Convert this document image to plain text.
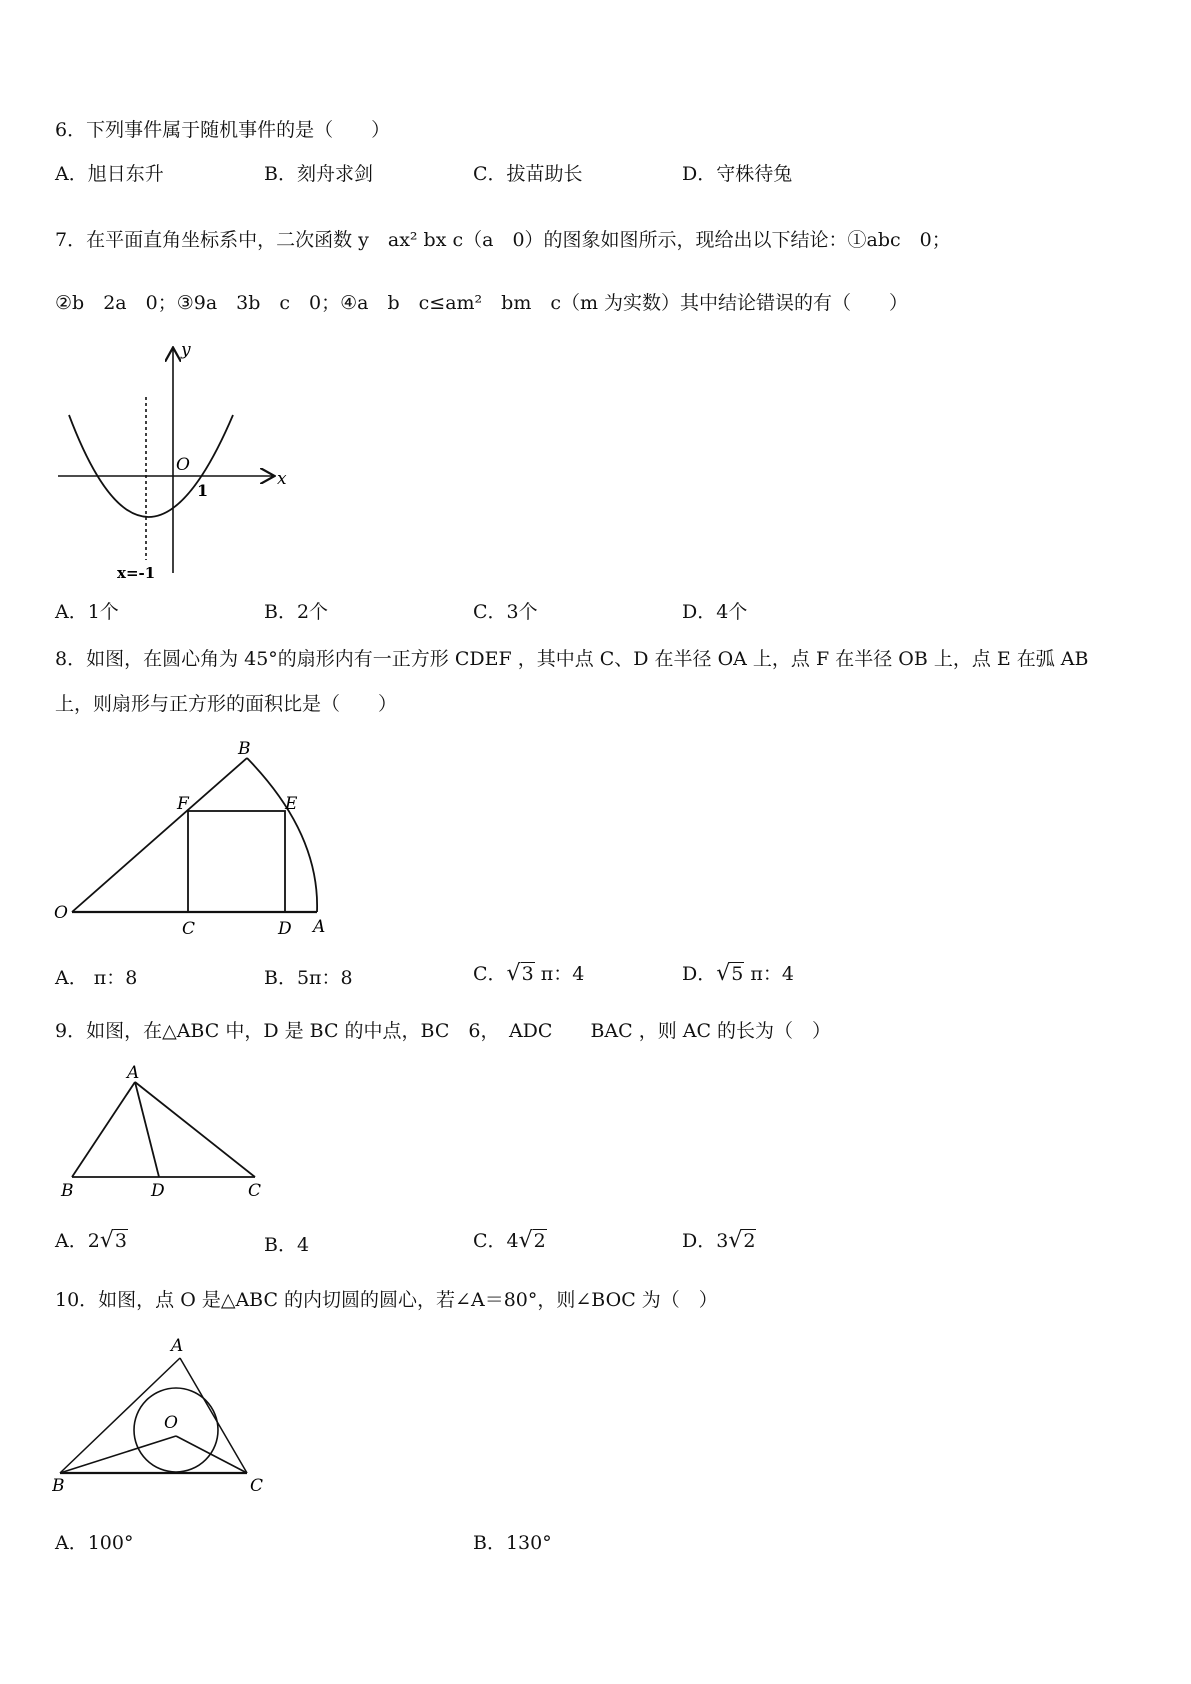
6．下列事件属于随机事件的是（　　）
A．旭日东升	B．刻舟求剑	C．拔苗助长	D．守株待兔
7．在平面直角坐标系中，二次函数 y　ax² bx c（a　0）的图象如图所示，现给出以下结论：①abc　0；
②b　2a　0；③9a　3b　c　0；④a　b　c≤am²　bm　c（m 为实数）其中结论错误的有（　　）
y
x
O
1
x=-1
A．1个	B．2个	C．3个	D．4个
8．如图，在圆心角为 45°的扇形内有一正方形 CDEF ，其中点 C、D 在半径 OA 上，点 F 在半径 OB 上，点 E 在弧 AB
上，则扇形与正方形的面积比是（　　）
B
F	E
O
C	D A
A． π：8	B．5π：8	C．√3 π：4	D．√5 π：4
9．如图，在△ABC 中，D 是 BC 的中点，BC　6，　ADC　　BAC ，则 AC 的长为（　）
A
B	D	C
A．2√3	B．4	C．4√2	D．3√2
10．如图，点 O 是△ABC 的内切圆的圆心，若∠A＝80°，则∠BOC 为（　）
A
O
B	C
A．100°	B．130°
